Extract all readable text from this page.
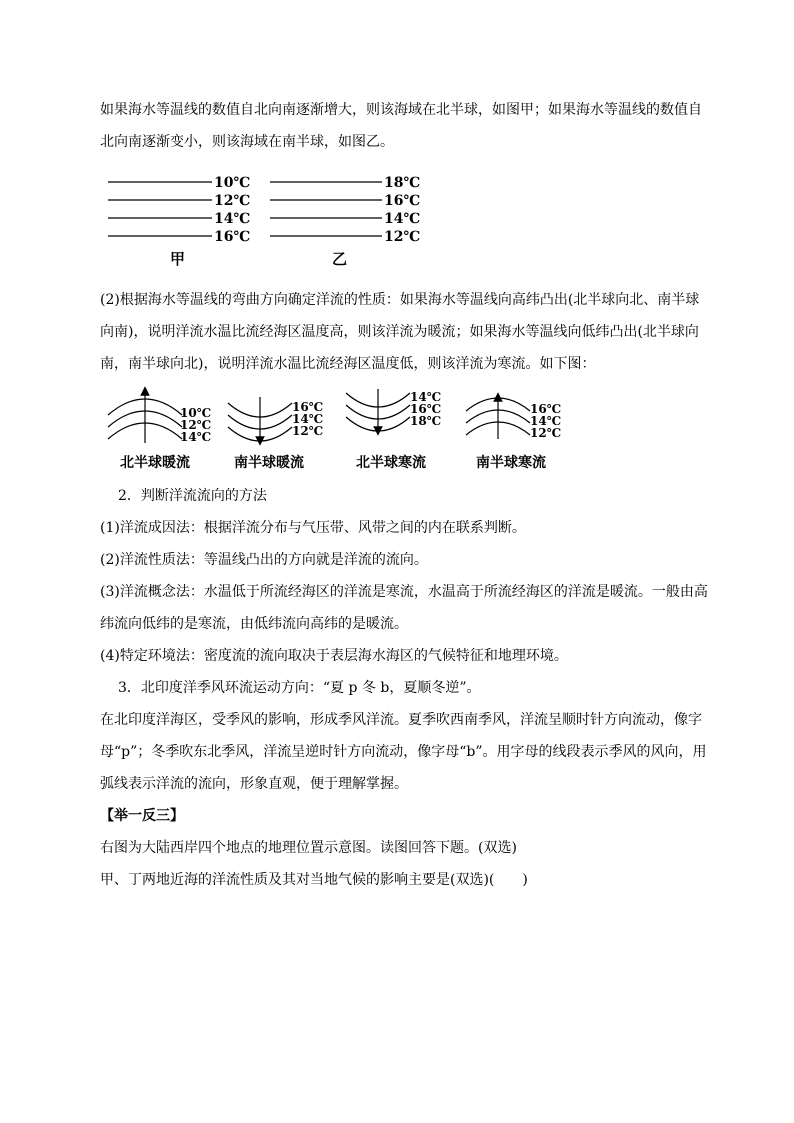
如果海水等温线的数值自北向南逐渐增大，则该海域在北半球，如图甲；如果海水等温线的数值自北向南逐渐变小，则该海域在南半球，如图乙。

10℃
12℃
14℃
16℃
甲
18℃
16℃
14℃
12℃
乙

(2)根据海水等温线的弯曲方向确定洋流的性质：如果海水等温线向高纬凸出(北半球向北、南半球向南)，说明洋流水温比流经海区温度高，则该洋流为暖流；如果海水等温线向低纬凸出(北半球向南，南半球向北)，说明洋流水温比流经海区温度低，则该洋流为寒流。如下图：

10℃
12℃
14℃
北半球暖流
16℃
14℃
12℃
南半球暖流
14℃
16℃
18℃
北半球寒流
16℃
14℃
12℃
南半球寒流

2．判断洋流流向的方法

(1)洋流成因法：根据洋流分布与气压带、风带之间的内在联系判断。

(2)洋流性质法：等温线凸出的方向就是洋流的流向。

(3)洋流概念法：水温低于所流经海区的洋流是寒流，水温高于所流经海区的洋流是暖流。一般由高纬流向低纬的是寒流，由低纬流向高纬的是暖流。

(4)特定环境法：密度流的流向取决于表层海水海区的气候特征和地理环境。

3．北印度洋季风环流运动方向：“夏 p 冬 b，夏顺冬逆”。

在北印度洋海区，受季风的影响，形成季风洋流。夏季吹西南季风，洋流呈顺时针方向流动，像字母“p”；冬季吹东北季风，洋流呈逆时针方向流动，像字母“b”。用字母的线段表示季风的风向，用弧线表示洋流的流向，形象直观，便于理解掌握。

【举一反三】

右图为大陆西岸四个地点的地理位置示意图。读图回答下题。(双选)

甲、丁两地近海的洋流性质及其对当地气候的影响主要是(双选)(　　)
